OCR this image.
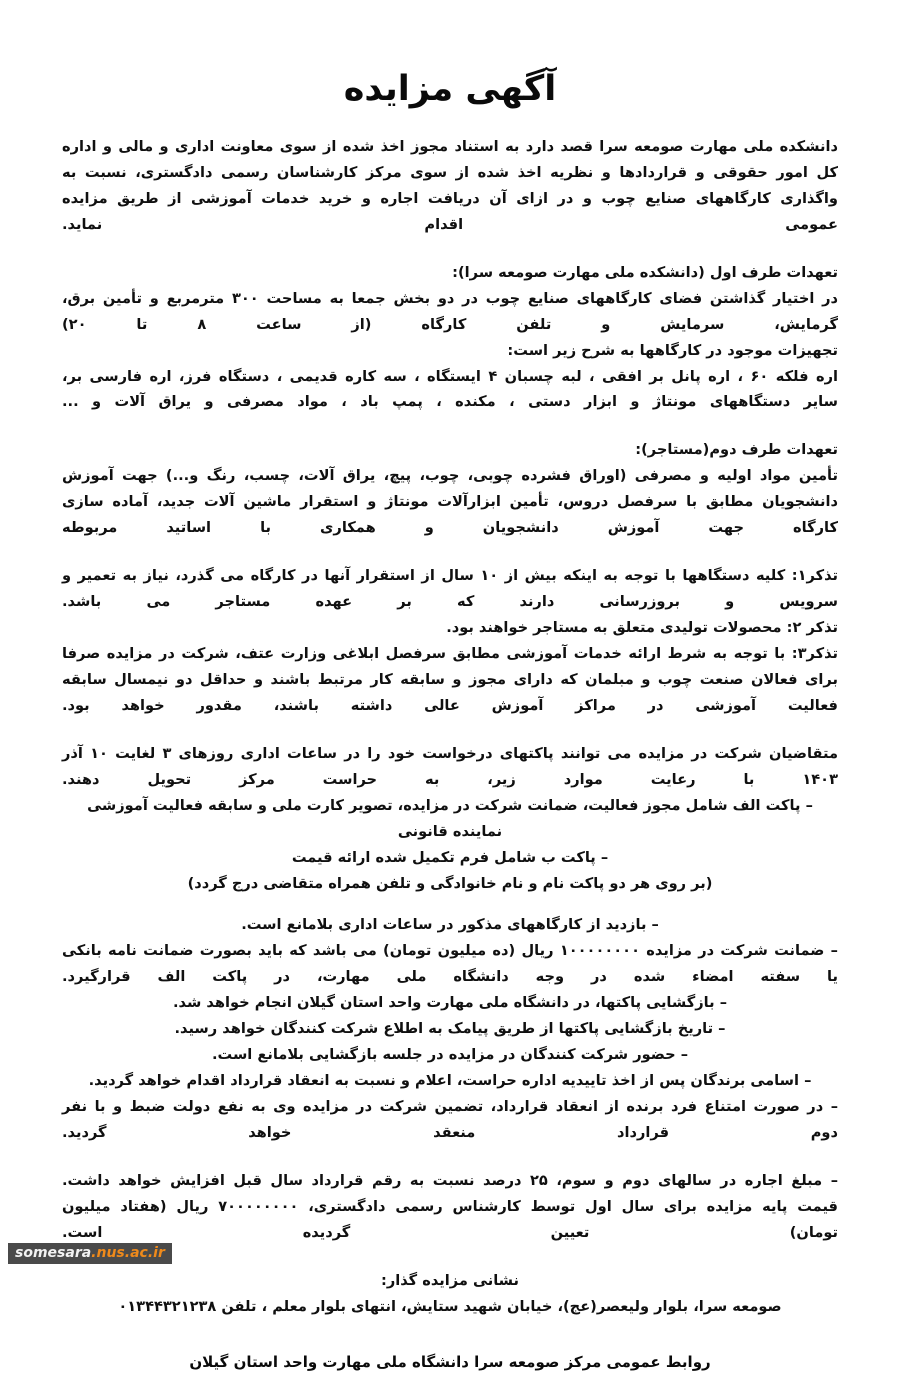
آگهی مزایده

دانشکده ملی مهارت صومعه سرا قصد دارد به استناد مجوز اخذ شده از سوی معاونت اداری و مالی و اداره کل امور حقوقی و قراردادها و نظریه اخذ شده از سوی مرکز کارشناسان رسمی دادگستری، نسبت به واگذاری کارگاههای صنایع چوب و در ازای آن دریافت اجاره و خرید خدمات آموزشی از طریق مزایده عمومی اقدام نماید.

تعهدات طرف اول (دانشکده ملی مهارت صومعه سرا):

در اختیار گذاشتن فضای کارگاههای صنایع چوب در دو بخش جمعا به مساحت ۳۰۰ مترمربع و تأمین برق، گرمایش، سرمایش و تلفن کارگاه (از ساعت ۸ تا ۲۰)

تجهیزات موجود در کارگاهها به شرح زیر است:

اره فلکه ۶۰ ، اره پانل بر افقی ، لبه چسبان ۴ ایستگاه ، سه کاره قدیمی ، دستگاه فرز، اره فارسی بر، سایر دستگاههای مونتاژ و ابزار دستی ، مکنده ، پمپ باد ، مواد مصرفی و یراق آلات و ...

تعهدات طرف دوم(مستاجر):

تأمین مواد اولیه و مصرفی (اوراق فشرده چوبی، چوب، پیچ، یراق آلات، چسب، رنگ و...) جهت آموزش دانشجویان مطابق با سرفصل دروس، تأمین ابزارآلات مونتاژ و استقرار ماشین آلات جدید، آماده سازی کارگاه جهت آموزش دانشجویان و همکاری با اساتید مربوطه

تذکر۱: کلیه دستگاهها با توجه به اینکه بیش از ۱۰ سال از استقرار آنها در کارگاه می گذرد، نیاز به تعمیر و سرویس و بروزرسانی دارند که بر عهده مستاجر می باشد.

تذکر ۲: محصولات تولیدی متعلق به مستاجر خواهند بود.

تذکر۳: با توجه به شرط ارائه خدمات آموزشی مطابق سرفصل ابلاغی وزارت عتف، شرکت در مزایده صرفا برای فعالان صنعت چوب و مبلمان که دارای مجوز و سابقه کار مرتبط باشند و حداقل دو نیمسال سابقه فعالیت آموزشی در مراکز آموزش عالی داشته باشند، مقدور خواهد بود.

متقاضیان شرکت در مزایده می توانند پاکتهای درخواست خود را در ساعات اداری روزهای ۳ لغایت ۱۰ آذر ۱۴۰۳ با رعایت موارد زیر، به حراست مرکز تحویل دهند.

– پاکت الف شامل مجوز فعالیت، ضمانت شرکت در مزایده، تصویر کارت ملی و سابقه فعالیت آموزشی نماینده قانونی
– پاکت ب شامل فرم تکمیل شده ارائه قیمت
(بر روی هر دو پاکت نام و نام خانوادگی و تلفن همراه متقاضی درج گردد)
– بازدید از کارگاههای مذکور در ساعات اداری بلامانع است.
– ضمانت شرکت در مزایده ۱۰۰۰۰۰۰۰۰ ریال (ده میلیون تومان) می باشد که باید بصورت ضمانت نامه بانکی یا سفته امضاء شده در وجه دانشگاه ملی مهارت، در پاکت الف قرارگیرد.
– بازگشایی پاکتها، در دانشگاه ملی مهارت واحد استان گیلان انجام خواهد شد.
– تاریخ بازگشایی پاکتها از طریق پیامک به اطلاع شرکت کنندگان خواهد رسید.
– حضور شرکت کنندگان در مزایده در جلسه بازگشایی بلامانع است.
– اسامی برندگان پس از اخذ تاییدیه اداره حراست، اعلام و نسبت به انعقاد قرارداد اقدام خواهد گردید.
– در صورت امتناع فرد برنده از انعقاد قرارداد، تضمین شرکت در مزایده وی به نفع دولت ضبط و با نفر دوم قرارداد منعقد خواهد گردید.

– مبلغ اجاره در سالهای دوم و سوم، ۲۵ درصد نسبت به رقم قرارداد سال قبل افزایش خواهد داشت. قیمت پایه مزایده برای سال اول توسط کارشناس رسمی دادگستری، ۷۰۰۰۰۰۰۰۰ ریال (هفتاد میلیون تومان) تعیین گردیده است.

نشانی مزایده گذار:

صومعه سرا، بلوار ولیعصر(عج)، خیابان شهید ستایش، انتهای بلوار معلم ، تلفن ۰۱۳۴۴۳۲۱۲۳۸

روابط عمومی مرکز صومعه سرا دانشگاه ملی مهارت واحد استان گیلان

somesara.nus.ac.ir
